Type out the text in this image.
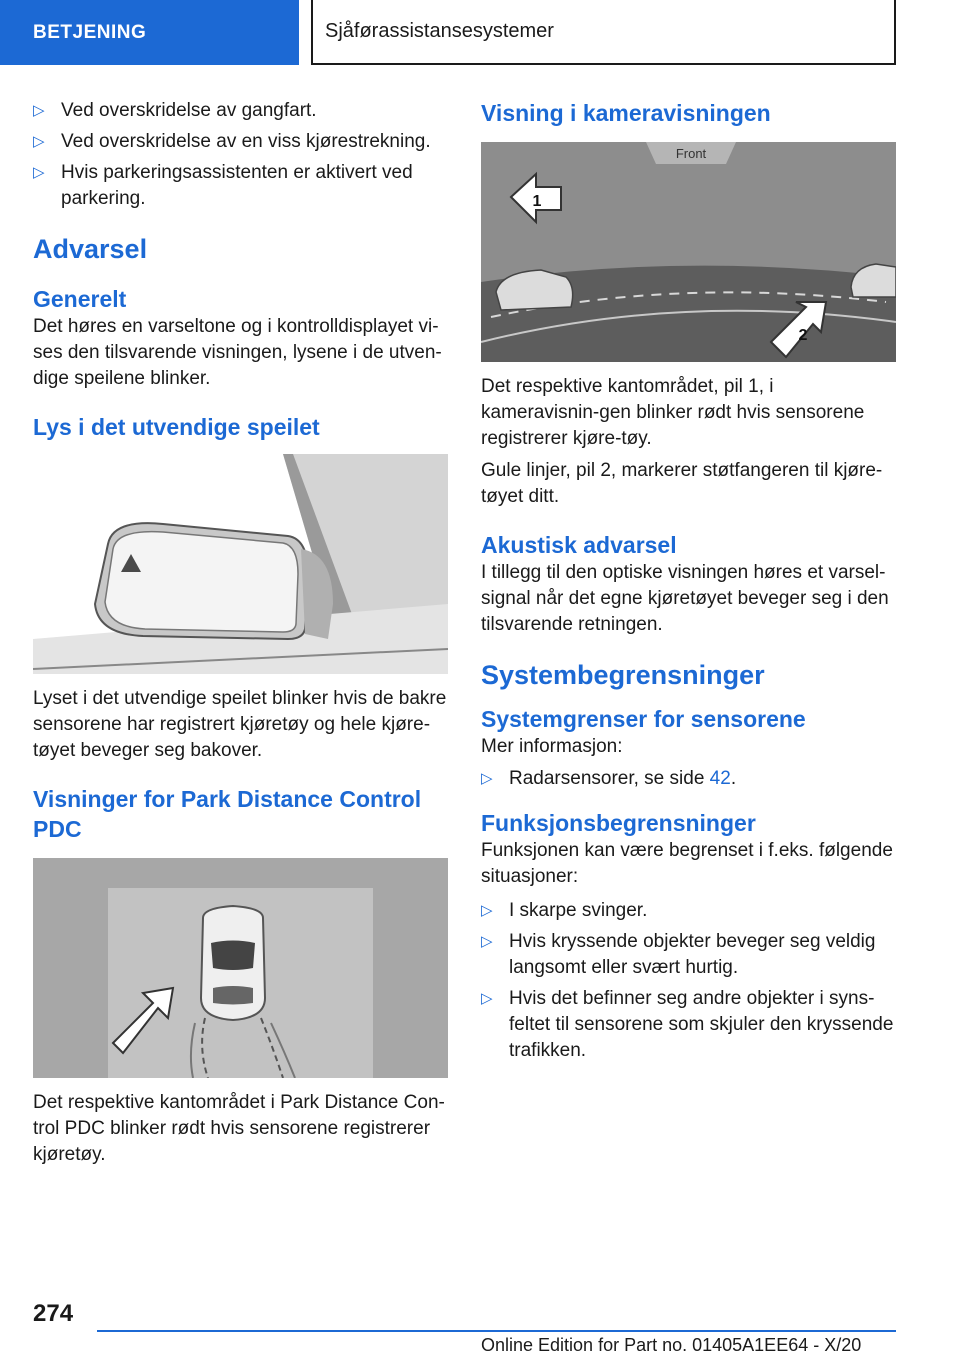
BETJENING	Sjåførassistansesystemer
▷ Ved overskridelse av gangfart.
▷ Ved overskridelse av en viss kjørestrekning.
▷ Hvis parkeringsassistenten er aktivert ved parkering.
Advarsel
Generelt

Det høres en varseltone og i kontrolldisplayet vi-ses den tilsvarende visningen, lysene i de utven-dige speilene blinker.

Lys i det utvendige speilet

Lyset i det utvendige speilet blinker hvis de bakre sensorene har registrert kjøretøy og hele kjøre-tøyet beveger seg bakover.

Visninger for Park Distance Control PDC

Det respektive kantområdet i Park Distance Con-trol PDC blinker rødt hvis sensorene registrerer kjøretøy.

Visning i kameravisningen
Front
1
2

Det respektive kantområdet, pil 1, i kameravisnin-gen blinker rødt hvis sensorene registrerer kjøre-tøy.

Gule linjer, pil 2, markerer støtfangeren til kjøre-tøyet ditt.

Akustisk advarsel

I tillegg til den optiske visningen høres et varsel-signal når det egne kjøretøyet beveger seg i den tilsvarende retningen.

Systembegrensninger
Systemgrenser for sensorene

Mer informasjon:

▷ Radarsensorer, se side 42.
Funksjonsbegrensninger

Funksjonen kan være begrenset i f.eks. følgende situasjoner:

▷ I skarpe svinger.
▷ Hvis kryssende objekter beveger seg veldig langsomt eller svært hurtig.
▷ Hvis det befinner seg andre objekter i syns-feltet til sensorene som skjuler den kryssende trafikken.
274
Online Edition for Part no. 01405A1EE64 - X/20
